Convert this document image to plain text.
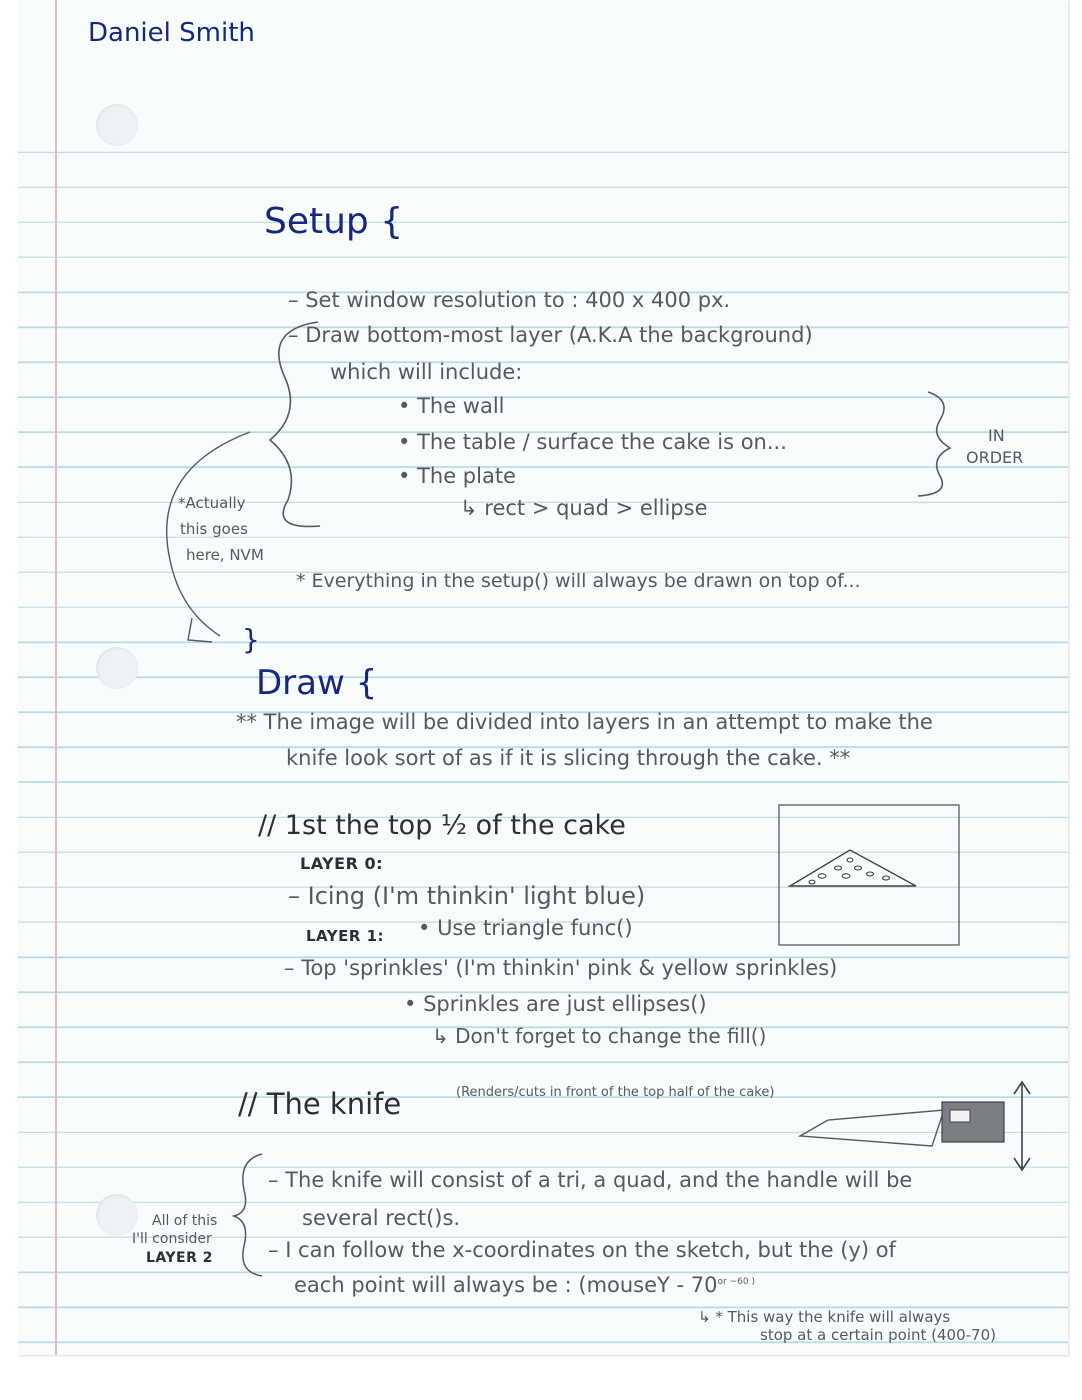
Daniel Smith
Setup {
– Set window resolution to : 400 x 400 px.
– Draw bottom-most layer (A.K.A the background)
which will include:
• The wall
• The table / surface the cake is on...
• The plate
↳ rect > quad > ellipse
IN
ORDER
*Actually
this goes
here, NVM
* Everything in the setup() will always be drawn on top of...
}
Draw {
** The image will be divided into layers in an attempt to make the
knife look sort of as if it is slicing through the cake. **
// 1st the top ½ of the cake
LAYER 0:
– Icing (I'm thinkin' light blue)
LAYER 1: • Use triangle func()
– Top 'sprinkles' (I'm thinkin' pink & yellow sprinkles)
• Sprinkles are just ellipses()
↳ Don't forget to change the fill()
// The knife	(Renders/cuts in front of the top half of the cake)
– The knife will consist of a tri, a quad, and the handle will be
several rect()s.
– I can follow the x-coordinates on the sketch, but the (y) of
each point will always be : (mouseY - $70^{or \sim 60 )}$
All of this
I'll consider
LAYER 2
↳ * This way the knife will always
stop at a certain point (400-70)
